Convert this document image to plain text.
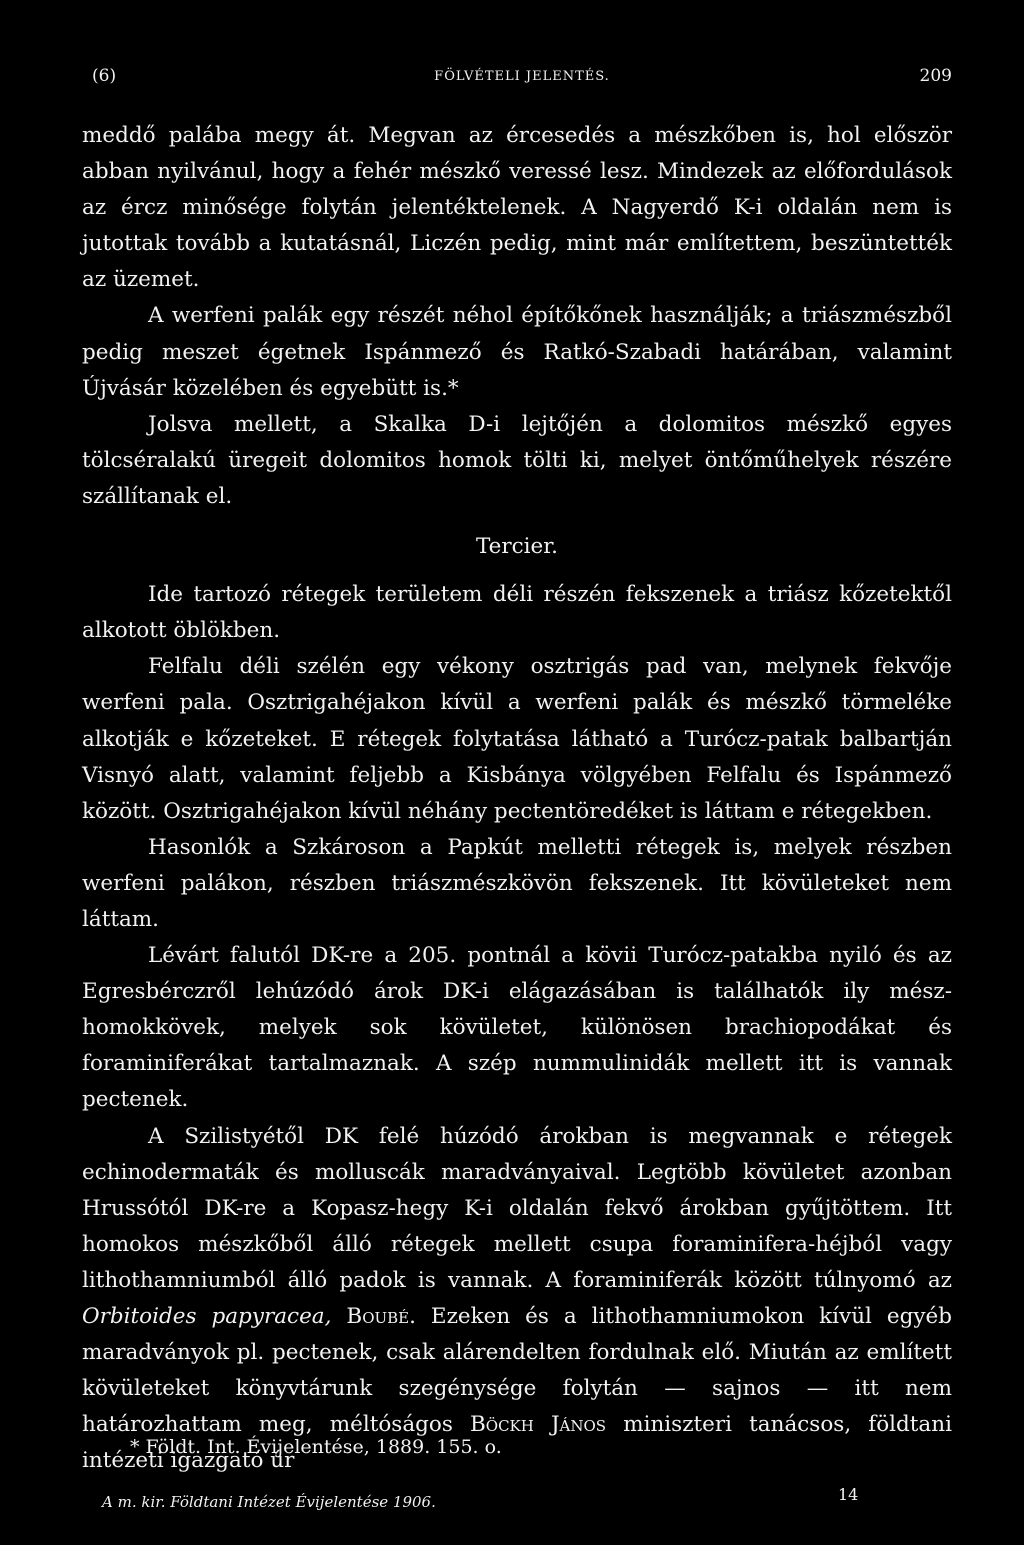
(6)	FÖLVÉTELI JELENTÉS.	209

meddő palába megy át. Megvan az ércesedés a mészkőben is, hol először abban nyilvánul, hogy a fehér mészkő veressé lesz. Mindezek az előfordulások az ércz minősége folytán jelentéktelenek. A Nagyerdő K-i oldalán nem is jutottak tovább a kutatásnál, Liczén pedig, mint már említettem, beszüntették az üzemet.

A werfeni palák egy részét néhol építőkőnek használják; a triászmészből pedig meszet égetnek Ispánmező és Ratkó-Szabadi határában, valamint Újvásár közelében és egyebütt is.*

Jolsva mellett, a Skalka D-i lejtőjén a dolomitos mészkő egyes tölcséralakú üregeit dolomitos homok tölti ki, melyet öntőműhelyek részére szállítanak el.

Tercier.

Ide tartozó rétegek területem déli részén fekszenek a triász kőzetektől alkotott öblökben.

Felfalu déli szélén egy vékony osztrigás pad van, melynek fekvője werfeni pala. Osztrigahéjakon kívül a werfeni palák és mészkő törmeléke alkotják e kőzeteket. E rétegek folytatása látható a Turócz-patak balbartján Visnyó alatt, valamint feljebb a Kisbánya völgyében Felfalu és Ispánmező között. Osztrigahéjakon kívül néhány pectentöredéket is láttam e rétegekben.

Hasonlók a Szkároson a Papkút melletti rétegek is, melyek részben werfeni palákon, részben triászmészkövön fekszenek. Itt kövületeket nem láttam.

Lévárt falutól DK-re a 205. pontnál a kövii Turócz-patakba nyiló és az Egresbérczről lehúzódó árok DK-i elágazásában is találhatók ily mész-homokkövek, melyek sok kövületet, különösen brachiopodákat és foraminiferákat tartalmaznak. A szép nummulinidák mellett itt is vannak pectenek.

A Szilistyétől DK felé húzódó árokban is megvannak e rétegek echinodermaták és molluscák maradványaival. Legtöbb kövületet azonban Hrussótól DK-re a Kopasz-hegy K-i oldalán fekvő árokban gyűjtöttem. Itt homokos mészkőből álló rétegek mellett csupa foraminifera-héjból vagy lithothamniumból álló padok is vannak. A foraminiferák között túlnyomó az Orbitoides papyracea, Boubé. Ezeken és a lithothamniumokon kívül egyéb maradványok pl. pectenek, csak alárendelten fordulnak elő. Miután az említett kövületeket könyvtárunk szegénysége folytán — sajnos — itt nem határozhattam meg, méltóságos Böckh János miniszteri tanácsos, földtani intézeti igazgató úr

* Földt. Int. Évijelentése, 1889. 155. o.
A m. kir. Földtani Intézet Évijelentése 1906.	14
